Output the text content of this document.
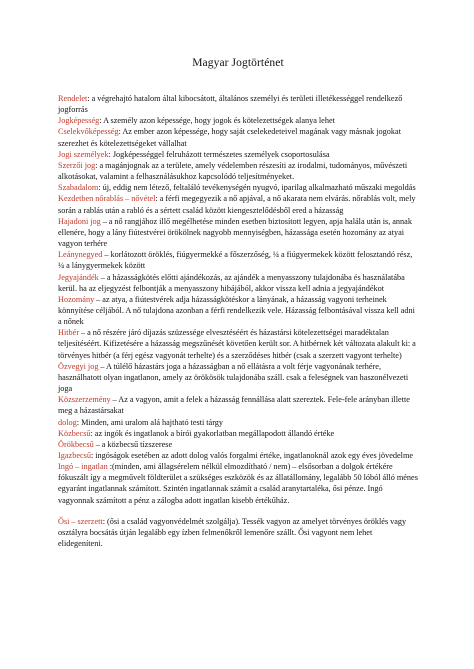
Magyar Jogtörténet

Rendelet: a végrehajtó hatalom által kibocsátott, általános személyi és területi illetékességgel rendelkező jogforrás

Jogképesség: A személy azon képessége, hogy jogok és kötelezettségek alanya lehet

Cselekvőképesség: Az ember azon képessége, hogy saját cselekedeteivel magának vagy másnak jogokat szerezhet és kötelezettségeket vállalhat

Jogi személyek: Jogképességgel felruházott természetes személyek csoportosulása

Szerzői jog: a magánjognak az a területe, amely védelemben részesíti az irodalmi, tudományos, művészeti alkotásokat, valamint a felhasználásukhoz kapcsolódó teljesítményeket.

Szabadalom: új, eddig nem létező, feltaláló tevékenységén nyugvó, iparilag alkalmazható műszaki megoldás

Kezdetben nőrablás – nővétel: a férfi megegyezik a nő apjával, a nő akarata nem elvárás. nőrablás volt, mely során a rablás után a rabló és a sértett család között kiengesztelődésből ered a házasság

Hajadoni jog – a nő rangjához illő megélhetése minden esetben biztosított legyen, apja halála után is, annak ellenére, hogy a lány fiútestvérei örökölnek nagyobb mennyiségben, házassága esetén hozomány az atyai vagyon terhére

Leánynegyed – korlátozott öröklés, fiúgyermekké a főszerzőség, ¼ a fiúgyermekek között felosztandó rész, ¼ a lánygyermekek között

Jegyajándék – a házasságkötés előtti ajándékozás, az ajándék a menyasszony tulajdonába és használatába kerül. ha az eljegyzést felbontják a menyasszony hibájából, akkor vissza kell adnia a jegyajándékot

Hozomány – az atya, a fiútestvérek adja házasságkötéskor a lányának, a házasság vagyoni terheinek könnyítése céljából. A nő tulajdona azonban a férfi rendelkezik vele. Házasság felbontásával vissza kell adni a nőnek

Hitbér – a nő részére járó díjazás szüzessége elvesztéséért és házastársi kötelezettségei maradéktalan teljesítéséért. Kifizetésére a házasság megszűnését követően került sor. A hitbérnek két változata alakult ki: a törvényes hitbér (a férj egész vagyonát terhelte) és a szerződéses hitbér (csak a szerzett vagyont terhelte)

Özvegyi jog – A túlélő házastárs joga a házasságban a nő ellátásra a volt férje vagyonának terhére, használhatott olyan ingatlanon, amely az örökösök tulajdonába száll. csak a feleségnek van haszonélvezeti joga

Közszerzemény – Az a vagyon, amit a felek a házasság fennállása alatt szereztek. Fele-fele arányban illette meg a házastársakat

dolog: Minden, ami uralom alá hajtható testi tárgy

Közbecsű: az ingók és ingatlanok a bírói gyakorlatban megállapodott állandó értéke

Örökbecsű – a közbecsű tízszerese

Igazbecsű: ingóságok esetében az adott dolog valós forgalmi értéke, ingatlanoknál azok egy éves jövedelme

Ingó – ingatlan :(minden, ami állagsérelem nélkül elmozdítható / nem) – elsősorban a dolgok értékére fókuszált így a megművelt földterület a szükséges eszközök és az állatállomány, legalább 50 lóból álló ménes egyaránt ingatlannak számított. Szintén ingatlannak számít a család aranytartaléka, ősi pénze. Ingó vagyonnak számított a pénz a zálogba adott ingatlan kisebb értékűház.

Ősi – szerzett: (ősi a család vagyonvédelmét szolgálja). Tessék vagyon az amelyet törvényes öröklés vagy osztályra bocsátás útján legalább egy ízben felmenőkről lemenőre szállt. Ősi vagyont nem lehet elidegeníteni.
